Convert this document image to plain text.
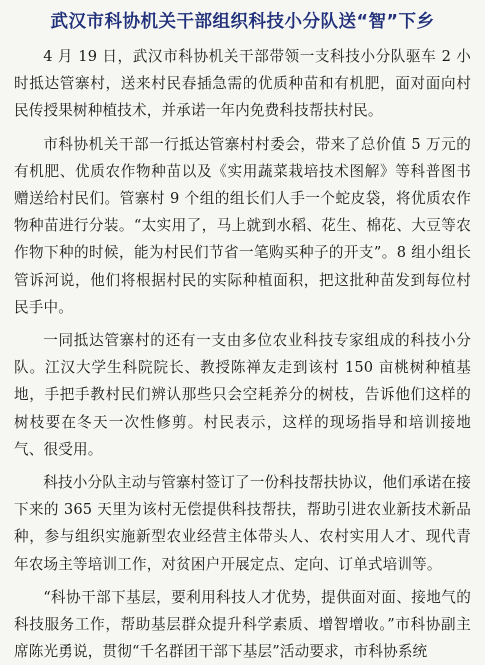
武汉市科协机关干部组织科技小分队送“智”下乡

4 月 19 日，武汉市科协机关干部带领一支科技小分队驱车 2 小时抵达管寨村，送来村民春插急需的优质种苗和有机肥，面对面向村民传授果树种植技术，并承诺一年内免费科技帮扶村民。

市科协机关干部一行抵达管寨村村委会，带来了总价值 5 万元的有机肥、优质农作物种苗以及《实用蔬菜栽培技术图解》等科普图书赠送给村民们。管寨村 9 个组的组长们人手一个蛇皮袋，将优质农作物种苗进行分装。“太实用了，马上就到水稻、花生、棉花、大豆等农作物下种的时候，能为村民们节省一笔购买种子的开支”。8 组小组长管诉河说，他们将根据村民的实际种植面积，把这批种苗发到每位村民手中。

一同抵达管寨村的还有一支由多位农业科技专家组成的科技小分队。江汉大学生科院院长、教授陈禅友走到该村 150 亩桃树种植基地，手把手教村民们辨认那些只会空耗养分的树枝，告诉他们这样的树枝要在冬天一次性修剪。村民表示，这样的现场指导和培训接地气、很受用。

科技小分队主动与管寨村签订了一份科技帮扶协议，他们承诺在接下来的 365 天里为该村无偿提供科技帮扶，帮助引进农业新技术新品种，参与组织实施新型农业经营主体带头人、农村实用人才、现代青年农场主等培训工作，对贫困户开展定点、定向、订单式培训等。

“科协干部下基层，要利用科技人才优势，提供面对面、接地气的科技服务工作，帮助基层群众提升科学素质、增智增收。”市科协副主席陈光勇说，贯彻“千名群团干部下基层”活动要求，市科协系统
